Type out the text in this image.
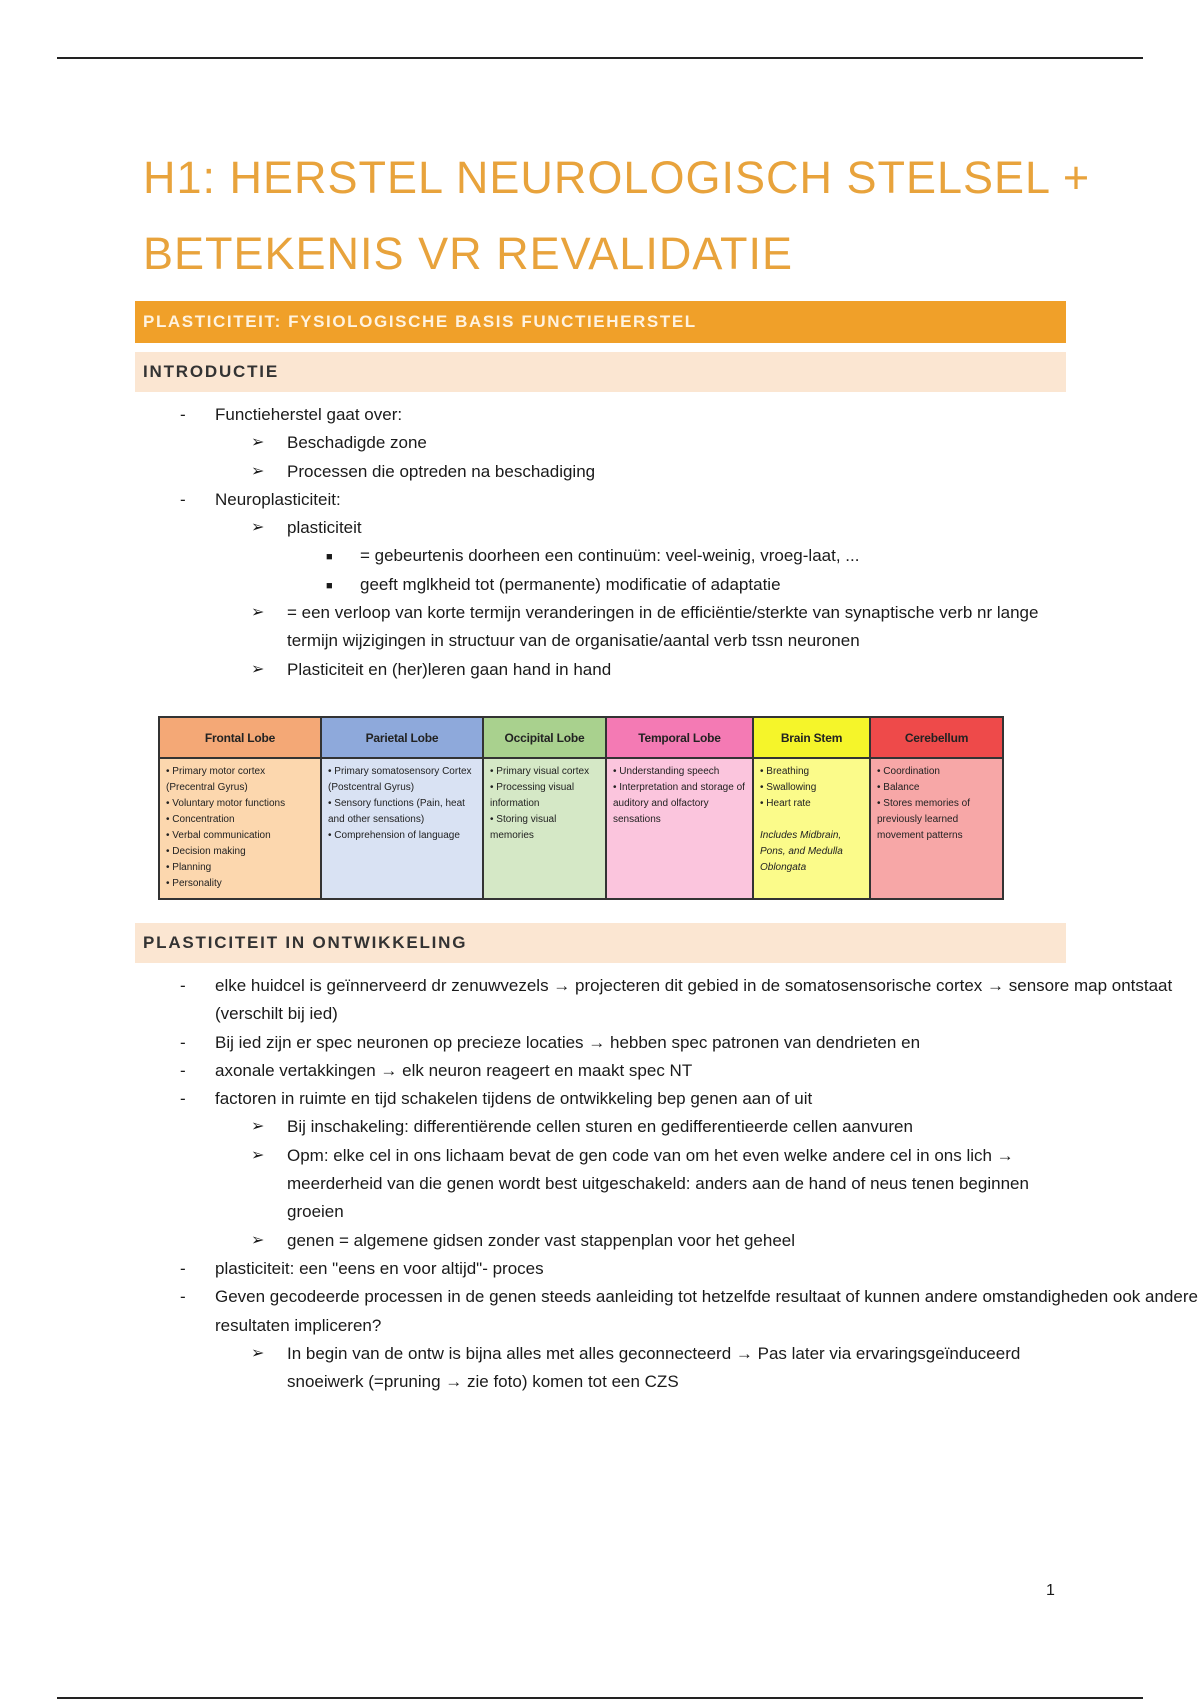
H1: HERSTEL NEUROLOGISCH STELSEL + BETEKENIS VR REVALIDATIE
PLASTICITEIT: FYSIOLOGISCHE BASIS FUNCTIEHERSTEL
INTRODUCTIE
- Functieherstel gaat over:
➢ Beschadigde zone
➢ Processen die optreden na beschadiging
- Neuroplasticiteit:
➢ plasticiteit
■ = gebeurtenis doorheen een continuüm: veel-weinig, vroeg-laat, ...
■ geeft mglkheid tot (permanente) modificatie of adaptatie
➢ = een verloop van korte termijn veranderingen in de efficiëntie/sterkte van synaptische verb nr lange termijn wijzigingen in structuur van de organisatie/aantal verb tssn neuronen
➢ Plasticiteit en (her)leren gaan hand in hand
Frontal Lobe
• Primary motor cortex (Precentral Gyrus)
• Voluntary motor functions
• Concentration
• Verbal communication
• Decision making
• Planning
• Personality
Parietal Lobe
• Primary somatosensory Cortex (Postcentral Gyrus)
• Sensory functions (Pain, heat and other sensations)
• Comprehension of language
Occipital Lobe
• Primary visual cortex
• Processing visual information
• Storing visual memories
Temporal Lobe
• Understanding speech
• Interpretation and storage of auditory and olfactory sensations
Brain Stem
• Breathing
• Swallowing
• Heart rate
Includes Midbrain, Pons, and Medulla Oblongata
Cerebellum
• Coordination
• Balance
• Stores memories of previously learned movement patterns
PLASTICITEIT IN ONTWIKKELING
- elke huidcel is geïnnerveerd dr zenuwvezels → projecteren dit gebied in de somatosensorische cortex → sensore map ontstaat (verschilt bij ied)
- Bij ied zijn er spec neuronen op precieze locaties → hebben spec patronen van dendrieten en
- axonale vertakkingen → elk neuron reageert en maakt spec NT
- factoren in ruimte en tijd schakelen tijdens de ontwikkeling bep genen aan of uit
➢ Bij inschakeling: differentiërende cellen sturen en gedifferentieerde cellen aanvuren
➢ Opm: elke cel in ons lichaam bevat de gen code van om het even welke andere cel in ons lich → meerderheid van die genen wordt best uitgeschakeld: anders aan de hand of neus tenen beginnen groeien
➢ genen = algemene gidsen zonder vast stappenplan voor het geheel
- plasticiteit: een "eens en voor altijd"- proces
- Geven gecodeerde processen in de genen steeds aanleiding tot hetzelfde resultaat of kunnen andere omstandigheden ook andere resultaten impliceren?
➢ In begin van de ontw is bijna alles met alles geconnecteerd → Pas later via ervaringsgeïnduceerd snoeiwerk (=pruning → zie foto) komen tot een CZS
1
